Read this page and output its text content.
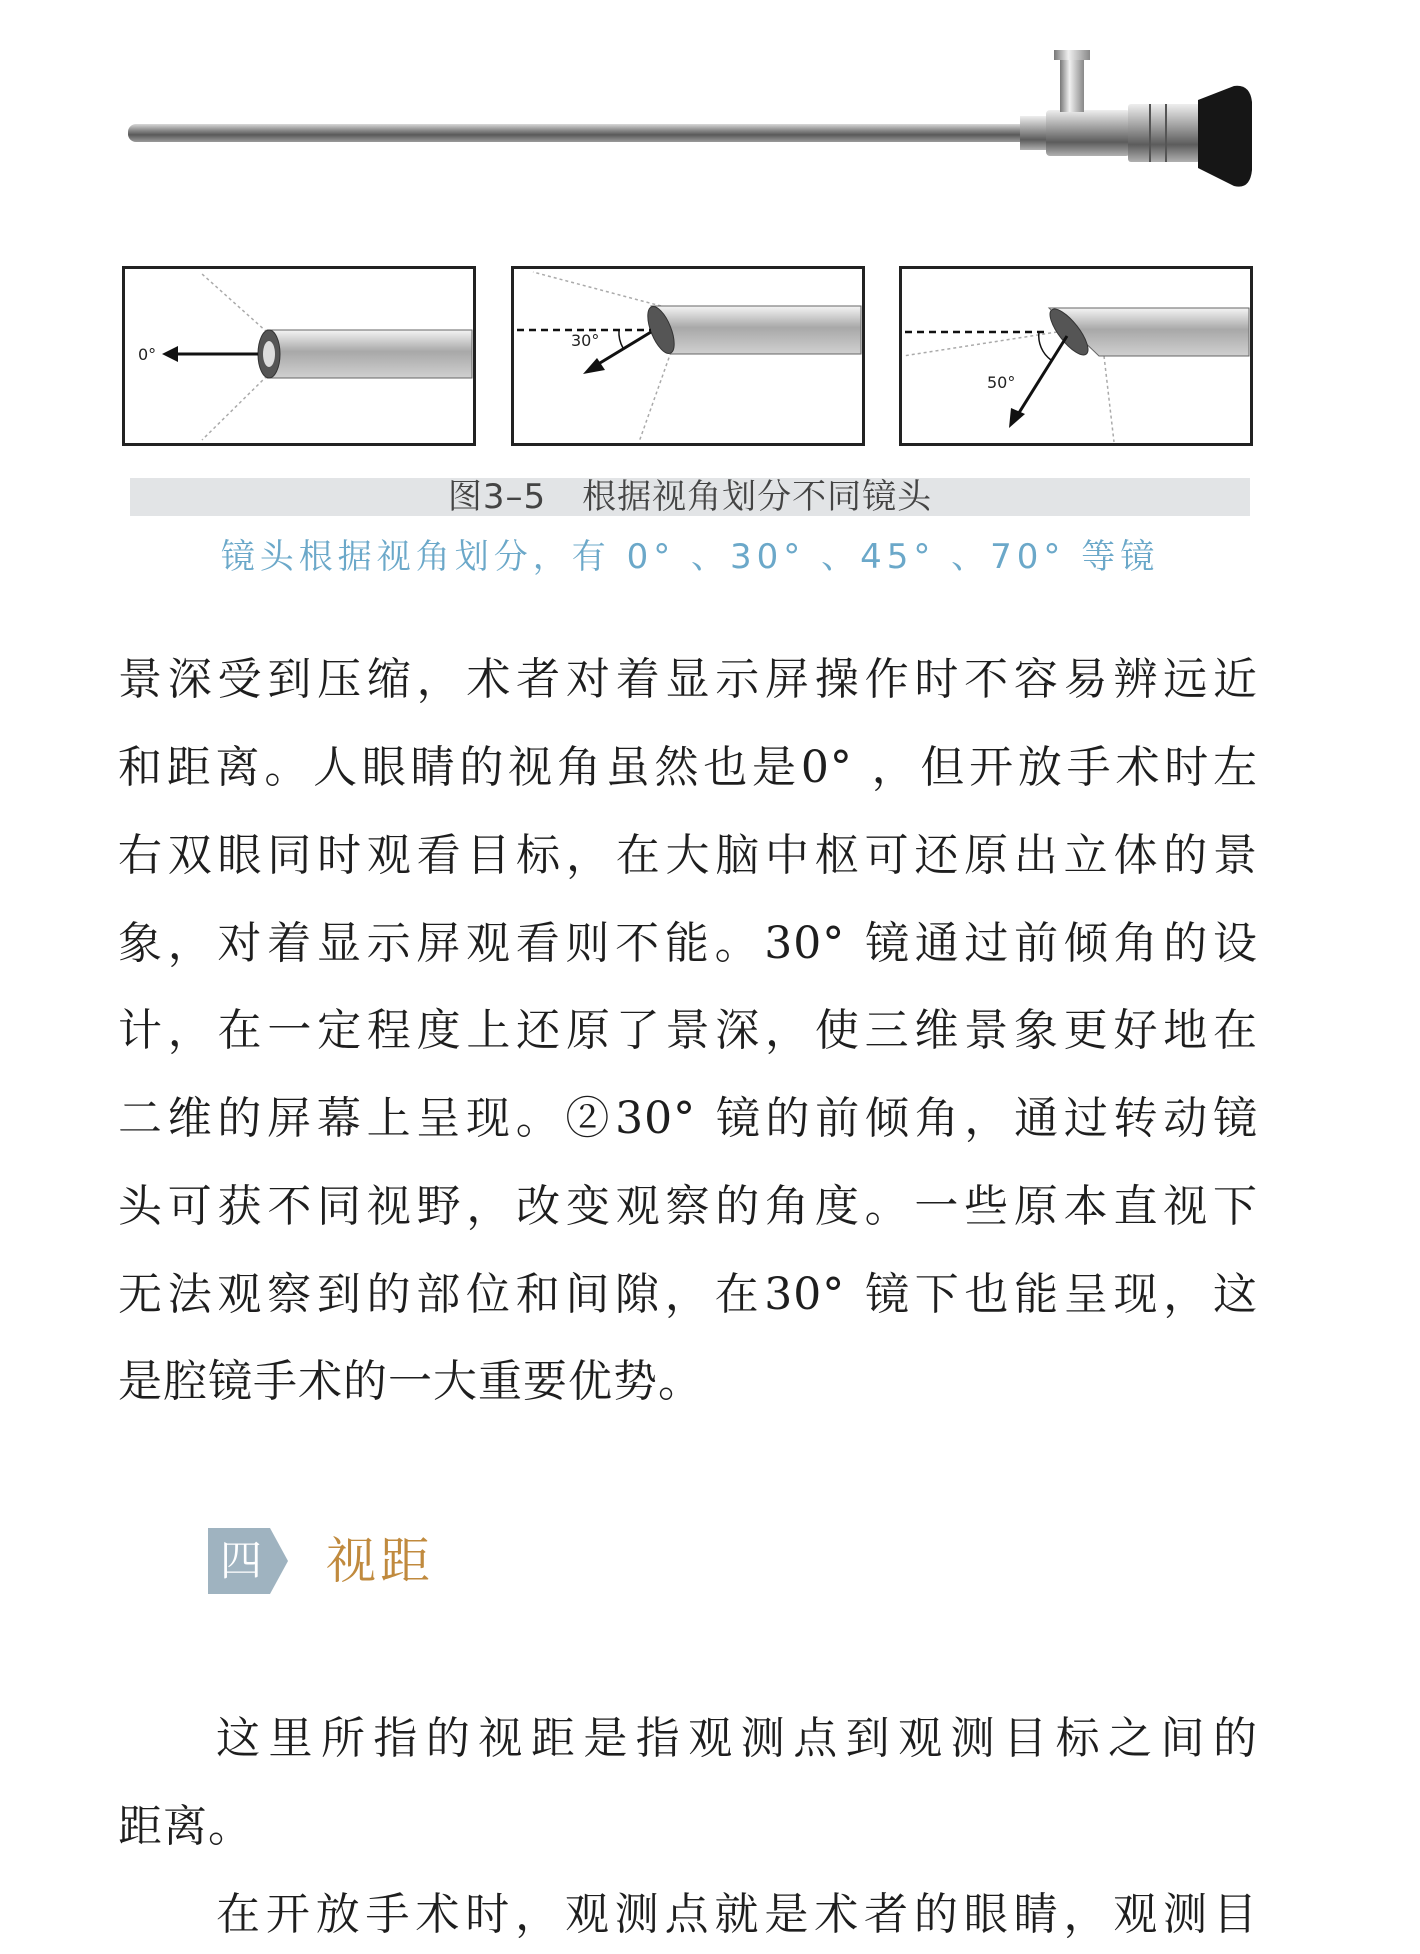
0°
30°
50°
图3–5 根据视角划分不同镜头
镜头根据视角划分，有 0° 、30° 、45° 、70° 等镜
景深受到压缩，术者对着显示屏操作时不容易辨远近
和距离。人眼睛的视角虽然也是0° ，但开放手术时左
右双眼同时观看目标，在大脑中枢可还原出立体的景
象，对着显示屏观看则不能。30° 镜通过前倾角的设
计，在一定程度上还原了景深，使三维景象更好地在
二维的屏幕上呈现。②30° 镜的前倾角，通过转动镜
头可获不同视野，改变观察的角度。一些原本直视下
无法观察到的部位和间隙，在30° 镜下也能呈现，这
是腔镜手术的一大重要优势。
四 视距
这里所指的视距是指观测点到观测目标之间的
距离。
在开放手术时，观测点就是术者的眼睛，观测目
